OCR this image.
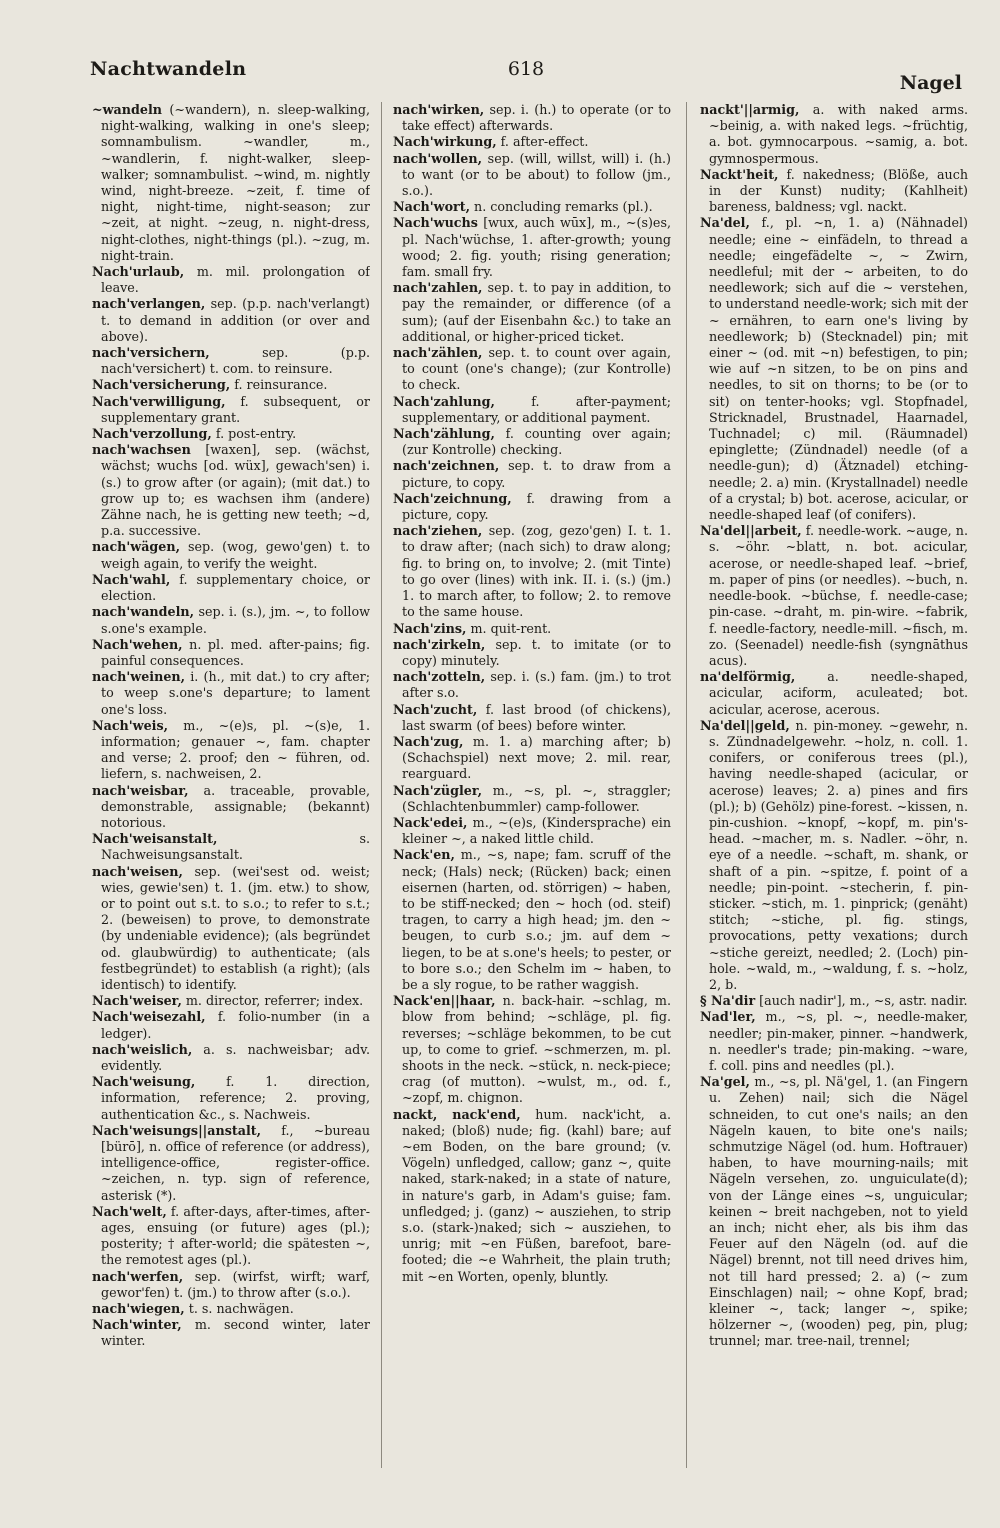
Nachtwandeln	618
Nagel

~wandeln (~wandern), n. sleep-walking, night-walking, walking in one's sleep; somnambulism. ~wandler, m., ~wandlerin, f. night-walker, sleep-walker; somnambulist. ~wind, m. nightly wind, night-breeze. ~zeit, f. time of night, night-time, night-season; zur ~zeit, at night. ~zeug, n. night-dress, night-clothes, night-things (pl.). ~zug, m. night-train.

Nach'urlaub, m. mil. prolongation of leave.

nach'verlangen, sep. (p.p. nach'verlangt) t. to demand in addition (or over and above).

nach'versichern, sep. (p.p. nach'versichert) t. com. to reinsure.

Nach'versicherung, f. reinsurance.

Nach'verwilligung, f. subsequent, or supplementary grant.

Nach'verzollung, f. post-entry.

nach'wachsen [waxen], sep. (wächst, wächst; wuchs [od. wüx], gewach'sen) i. (s.) to grow after (or again); (mit dat.) to grow up to; es wachsen ihm (andere) Zähne nach, he is getting new teeth; ~d, p.a. successive.

nach'wägen, sep. (wog, gewo'gen) t. to weigh again, to verify the weight.

Nach'wahl, f. supplementary choice, or election.

nach'wandeln, sep. i. (s.), jm. ~, to follow s.one's example.

Nach'wehen, n. pl. med. after-pains; fig. painful consequences.

nach'weinen, i. (h., mit dat.) to cry after; to weep s.one's departure; to lament one's loss.

Nach'weis, m., ~(e)s, pl. ~(s)e, 1. information; genauer ~, fam. chapter and verse; 2. proof; den ~ führen, od. liefern, s. nachweisen, 2.

nach'weisbar, a. traceable, provable, demonstrable, assignable; (bekannt) notorious.

Nach'weisanstalt, s. Nachweisungsanstalt.

nach'weisen, sep. (wei'sest od. weist; wies, gewie'sen) t. 1. (jm. etw.) to show, or to point out s.t. to s.o.; to refer to s.t.; 2. (beweisen) to prove, to demonstrate (by undeniable evidence); (als begründet od. glaubwürdig) to authenticate; (als festbegründet) to establish (a right); (als identisch) to identify.

Nach'weiser, m. director, referrer; index.

Nach'weisezahl, f. folio-number (in a ledger).

nach'weislich, a. s. nachweisbar; adv. evidently.

Nach'weisung, f. 1. direction, information, reference; 2. proving, authentication &c., s. Nachweis.

Nach'weisungs||anstalt, f., ~bureau [bürō], n. office of reference (or address), intelligence-office, register-office. ~zeichen, n. typ. sign of reference, asterisk (*).

Nach'welt, f. after-days, after-times, after-ages, ensuing (or future) ages (pl.); posterity; † after-world; die spätesten ~, the remotest ages (pl.).

nach'werfen, sep. (wirfst, wirft; warf, gewor'fen) t. (jm.) to throw after (s.o.).

nach'wiegen, t. s. nachwägen.

Nach'winter, m. second winter, later winter.

nach'wirken, sep. i. (h.) to operate (or to take effect) afterwards.

Nach'wirkung, f. after-effect.

nach'wollen, sep. (will, willst, will) i. (h.) to want (or to be about) to follow (jm., s.o.).

Nach'wort, n. concluding remarks (pl.).

Nach'wuchs [wux, auch wūx], m., ~(s)es, pl. Nach'wüchse, 1. after-growth; young wood; 2. fig. youth; rising generation; fam. small fry.

nach'zahlen, sep. t. to pay in addition, to pay the remainder, or difference (of a sum); (auf der Eisenbahn &c.) to take an additional, or higher-priced ticket.

nach'zählen, sep. t. to count over again, to count (one's change); (zur Kontrolle) to check.

Nach'zahlung, f. after-payment; supplementary, or additional payment.

Nach'zählung, f. counting over again; (zur Kontrolle) checking.

nach'zeichnen, sep. t. to draw from a picture, to copy.

Nach'zeichnung, f. drawing from a picture, copy.

nach'ziehen, sep. (zog, gezo'gen) I. t. 1. to draw after; (nach sich) to draw along; fig. to bring on, to involve; 2. (mit Tinte) to go over (lines) with ink. II. i. (s.) (jm.) 1. to march after, to follow; 2. to remove to the same house.

Nach'zins, m. quit-rent.

nach'zirkeln, sep. t. to imitate (or to copy) minutely.

nach'zotteln, sep. i. (s.) fam. (jm.) to trot after s.o.

Nach'zucht, f. last brood (of chickens), last swarm (of bees) before winter.

Nach'zug, m. 1. a) marching after; b) (Schachspiel) next move; 2. mil. rear, rearguard.

Nach'zügler, m., ~s, pl. ~, straggler; (Schlachtenbummler) camp-follower.

Nack'edei, m., ~(e)s, (Kindersprache) ein kleiner ~, a naked little child.

Nack'en, m., ~s, nape; fam. scruff of the neck; (Hals) neck; (Rücken) back; einen eisernen (harten, od. störrigen) ~ haben, to be stiff-necked; den ~ hoch (od. steif) tragen, to carry a high head; jm. den ~ beugen, to curb s.o.; jm. auf dem ~ liegen, to be at s.one's heels; to pester, or to bore s.o.; den Schelm im ~ haben, to be a sly rogue, to be rather waggish.

Nack'en||haar, n. back-hair. ~schlag, m. blow from behind; ~schläge, pl. fig. reverses; ~schläge bekommen, to be cut up, to come to grief. ~schmerzen, m. pl. shoots in the neck. ~stück, n. neck-piece; crag (of mutton). ~wulst, m., od. f., ~zopf, m. chignon.

nackt, nack'end, hum. nack'icht, a. naked; (bloß) nude; fig. (kahl) bare; auf ~em Boden, on the bare ground; (v. Vögeln) unfledged, callow; ganz ~, quite naked, stark-naked; in a state of nature, in nature's garb, in Adam's guise; fam. unfledged; j. (ganz) ~ ausziehen, to strip s.o. (stark-)naked; sich ~ ausziehen, to unrig; mit ~en Füßen, barefoot, bare-footed; die ~e Wahrheit, the plain truth; mit ~en Worten, openly, bluntly.

nackt'||armig, a. with naked arms. ~beinig, a. with naked legs. ~früchtig, a. bot. gymnocarpous. ~samig, a. bot. gymnospermous.

Nackt'heit, f. nakedness; (Blöße, auch in der Kunst) nudity; (Kahlheit) bareness, baldness; vgl. nackt.

Na'del, f., pl. ~n, 1. a) (Nähnadel) needle; eine ~ einfädeln, to thread a needle; eingefädelte ~, ~ Zwirn, needleful; mit der ~ arbeiten, to do needlework; sich auf die ~ verstehen, to understand needle-work; sich mit der ~ ernähren, to earn one's living by needlework; b) (Stecknadel) pin; mit einer ~ (od. mit ~n) befestigen, to pin; wie auf ~n sitzen, to be on pins and needles, to sit on thorns; to be (or to sit) on tenter-hooks; vgl. Stopfnadel, Stricknadel, Brustnadel, Haarnadel, Tuchnadel; c) mil. (Räumnadel) epinglette; (Zündnadel) needle (of a needle-gun); d) (Ätznadel) etching-needle; 2. a) min. (Krystallnadel) needle of a crystal; b) bot. acerose, acicular, or needle-shaped leaf (of conifers).

Na'del||arbeit, f. needle-work. ~auge, n. s. ~öhr. ~blatt, n. bot. acicular, acerose, or needle-shaped leaf. ~brief, m. paper of pins (or needles). ~buch, n. needle-book. ~büchse, f. needle-case; pin-case. ~draht, m. pin-wire. ~fabrik, f. needle-factory, needle-mill. ~fisch, m. zo. (Seenadel) needle-fish (syngnāthus acus).

na'delförmig, a. needle-shaped, acicular, aciform, aculeated; bot. acicular, acerose, acerous.

Na'del||geld, n. pin-money. ~gewehr, n. s. Zündnadelgewehr. ~holz, n. coll. 1. conifers, or coniferous trees (pl.), having needle-shaped (acicular, or acerose) leaves; 2. a) pines and firs (pl.); b) (Gehölz) pine-forest. ~kissen, n. pin-cushion. ~knopf, ~kopf, m. pin's-head. ~macher, m. s. Nadler. ~öhr, n. eye of a needle. ~schaft, m. shank, or shaft of a pin. ~spitze, f. point of a needle; pin-point. ~stecherin, f. pin-sticker. ~stich, m. 1. pinprick; (genäht) stitch; ~stiche, pl. fig. stings, provocations, petty vexations; durch ~stiche gereizt, needled; 2. (Loch) pin-hole. ~wald, m., ~waldung, f. s. ~holz, 2, b.

§ Na'dir [auch nadir'], m., ~s, astr. nadir.

Nad'ler, m., ~s, pl. ~, needle-maker, needler; pin-maker, pinner. ~handwerk, n. needler's trade; pin-making. ~ware, f. coll. pins and needles (pl.).

Na'gel, m., ~s, pl. Nä'gel, 1. (an Fingern u. Zehen) nail; sich die Nägel schneiden, to cut one's nails; an den Nägeln kauen, to bite one's nails; schmutzige Nägel (od. hum. Hoftrauer) haben, to have mourning-nails; mit Nägeln versehen, zo. unguiculate(d); von der Länge eines ~s, unguicular; keinen ~ breit nachgeben, not to yield an inch; nicht eher, als bis ihm das Feuer auf den Nägeln (od. auf die Nägel) brennt, not till need drives him, not till hard pressed; 2. a) (~ zum Einschlagen) nail; ~ ohne Kopf, brad; kleiner ~, tack; langer ~, spike; hölzerner ~, (wooden) peg, pin, plug; trunnel; mar. tree-nail, trennel;
